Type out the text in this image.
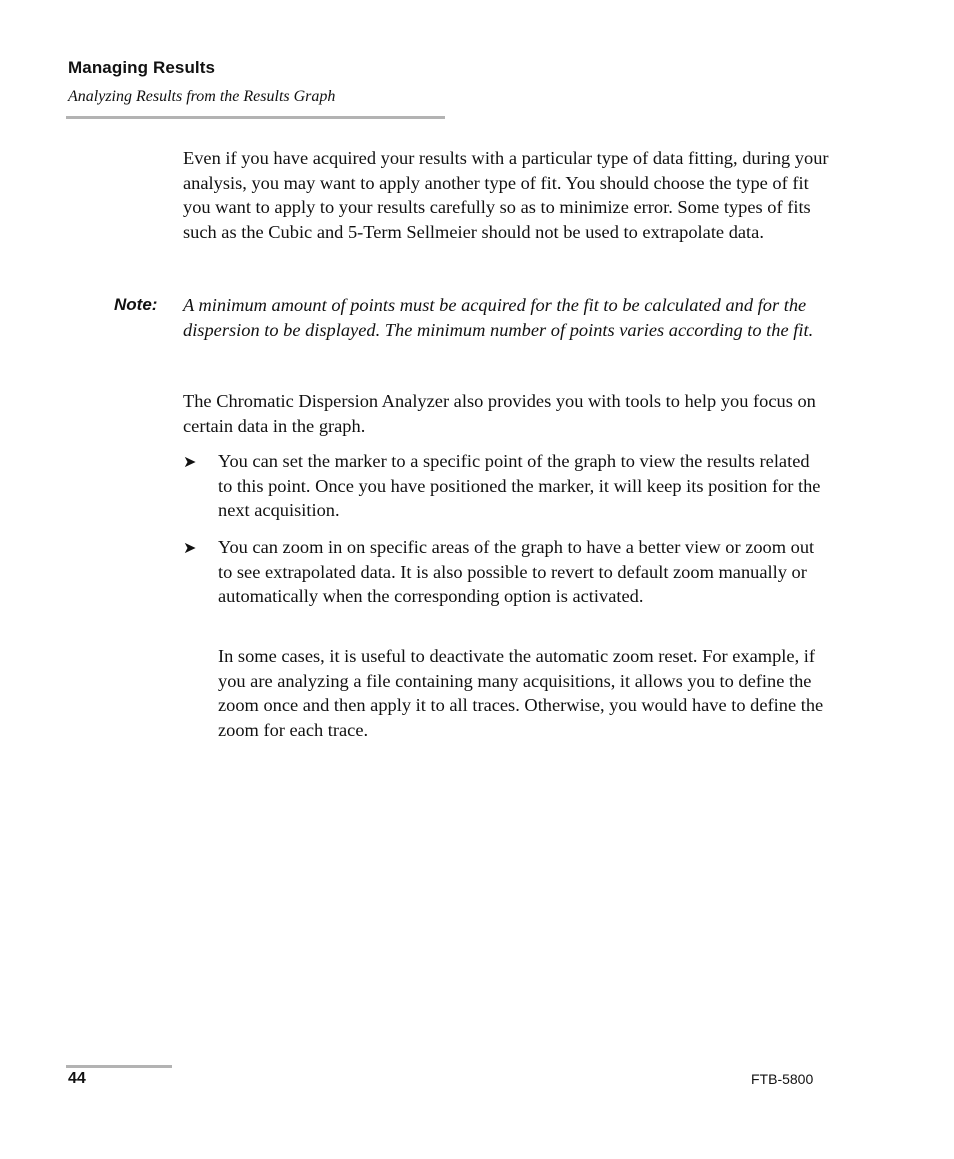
Managing Results
Analyzing Results from the Results Graph

Even if you have acquired your results with a particular type of data fitting, during your analysis, you may want to apply another type of fit. You should choose the type of fit you want to apply to your results carefully so as to minimize error. Some types of fits such as the Cubic and 5-Term Sellmeier should not be used to extrapolate data.

Note: A minimum amount of points must be acquired for the fit to be calculated and for the dispersion to be displayed. The minimum number of points varies according to the fit.

The Chromatic Dispersion Analyzer also provides you with tools to help you focus on certain data in the graph.

➤ You can set the marker to a specific point of the graph to view the results related to this point. Once you have positioned the marker, it will keep its position for the next acquisition.

➤ You can zoom in on specific areas of the graph to have a better view or zoom out to see extrapolated data. It is also possible to revert to default zoom manually or automatically when the corresponding option is activated.

In some cases, it is useful to deactivate the automatic zoom reset. For example, if you are analyzing a file containing many acquisitions, it allows you to define the zoom once and then apply it to all traces. Otherwise, you would have to define the zoom for each trace.

44	FTB-5800
